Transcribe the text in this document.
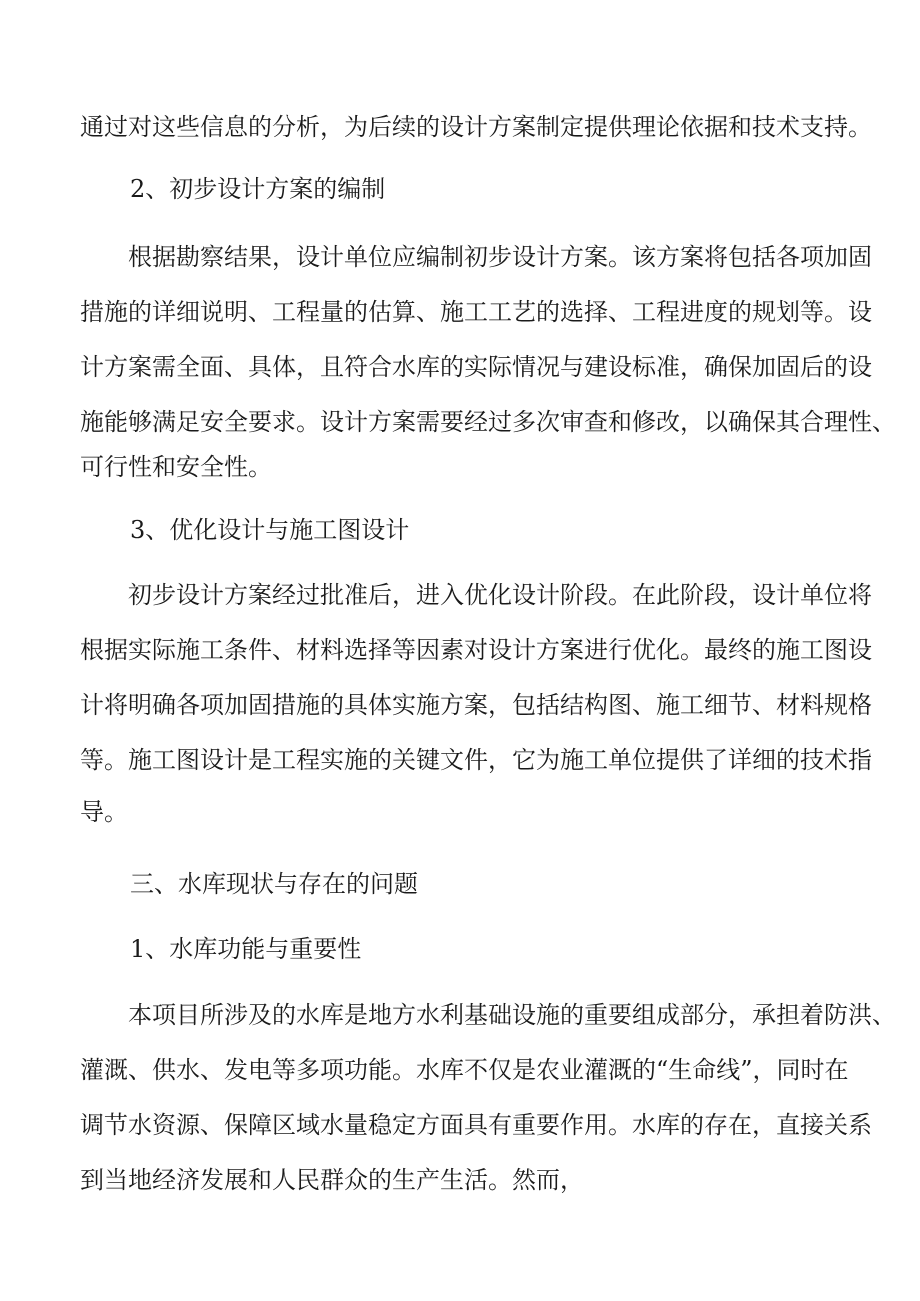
通过对这些信息的分析，为后续的设计方案制定提供理论依据和技术支持。
2、初步设计方案的编制
根据勘察结果，设计单位应编制初步设计方案。该方案将包括各项加固
措施的详细说明、工程量的估算、施工工艺的选择、工程进度的规划等。设
计方案需全面、具体，且符合水库的实际情况与建设标准，确保加固后的设
施能够满足安全要求。设计方案需要经过多次审查和修改，以确保其合理性、
可行性和安全性。
3、优化设计与施工图设计
初步设计方案经过批准后，进入优化设计阶段。在此阶段，设计单位将
根据实际施工条件、材料选择等因素对设计方案进行优化。最终的施工图设
计将明确各项加固措施的具体实施方案，包括结构图、施工细节、材料规格
等。施工图设计是工程实施的关键文件，它为施工单位提供了详细的技术指
导。
三、水库现状与存在的问题
1、水库功能与重要性
本项目所涉及的水库是地方水利基础设施的重要组成部分，承担着防洪、
灌溉、供水、发电等多项功能。水库不仅是农业灌溉的“生命线”，同时在
调节水资源、保障区域水量稳定方面具有重要作用。水库的存在，直接关系
到当地经济发展和人民群众的生产生活。然而，
